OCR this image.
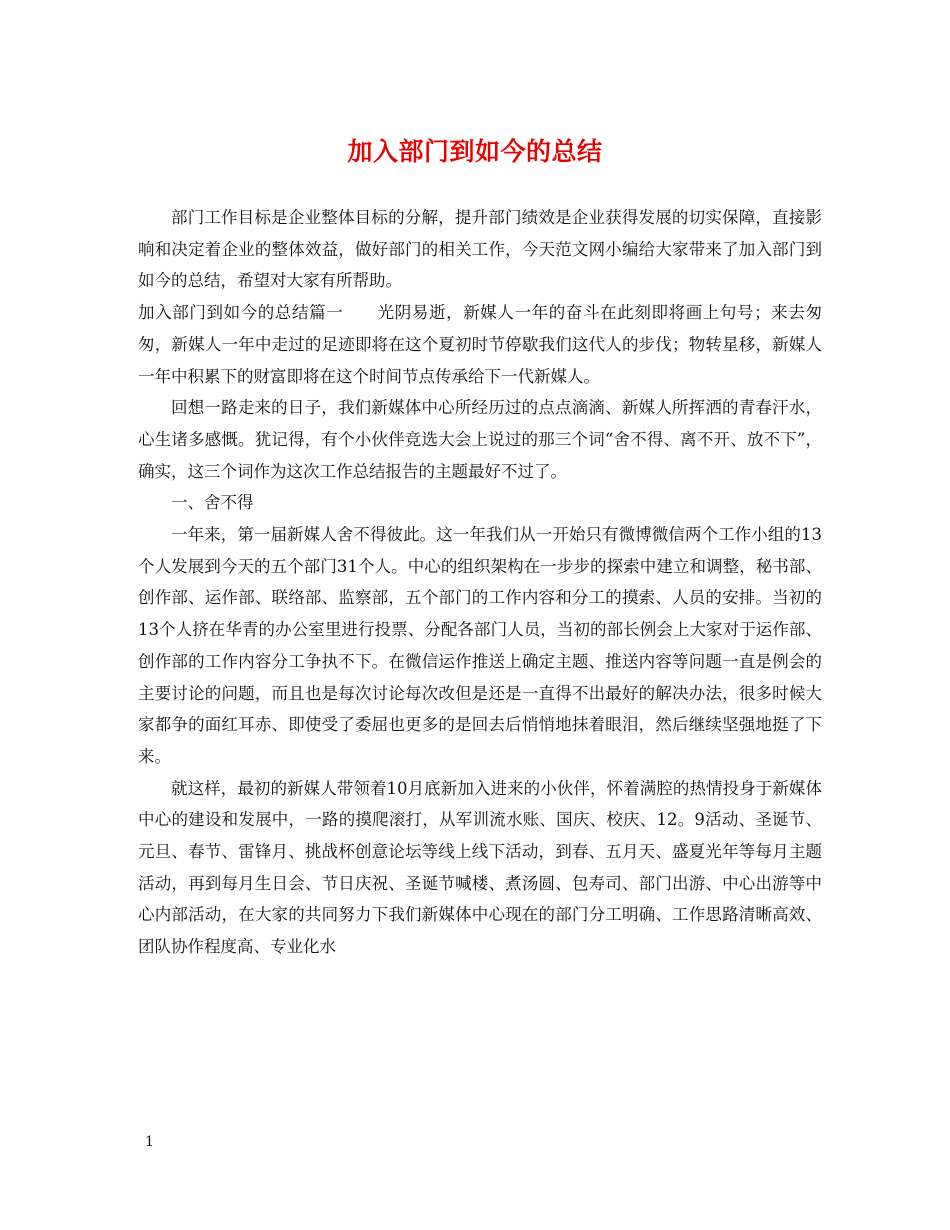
加入部门到如今的总结

部门工作目标是企业整体目标的分解，提升部门绩效是企业获得发展的切实保障，直接影响和决定着企业的整体效益，做好部门的相关工作，今天范文网小编给大家带来了加入部门到如今的总结，希望对大家有所帮助。

加入部门到如今的总结篇一　　光阴易逝，新媒人一年的奋斗在此刻即将画上句号；来去匆匆，新媒人一年中走过的足迹即将在这个夏初时节停歇我们这代人的步伐；物转星移，新媒人一年中积累下的财富即将在这个时间节点传承给下一代新媒人。

回想一路走来的日子，我们新媒体中心所经历过的点点滴滴、新媒人所挥洒的青春汗水，心生诸多感慨。犹记得，有个小伙伴竞选大会上说过的那三个词“舍不得、离不开、放不下”，确实，这三个词作为这次工作总结报告的主题最好不过了。

一、舍不得

一年来，第一届新媒人舍不得彼此。这一年我们从一开始只有微博微信两个工作小组的13个人发展到今天的五个部门31个人。中心的组织架构在一步步的探索中建立和调整，秘书部、创作部、运作部、联络部、监察部，五个部门的工作内容和分工的摸索、人员的安排。当初的13个人挤在华青的办公室里进行投票、分配各部门人员，当初的部长例会上大家对于运作部、创作部的工作内容分工争执不下。在微信运作推送上确定主题、推送内容等问题一直是例会的主要讨论的问题，而且也是每次讨论每次改但是还是一直得不出最好的解决办法，很多时候大家都争的面红耳赤、即使受了委屈也更多的是回去后悄悄地抹着眼泪，然后继续坚强地挺了下来。

就这样，最初的新媒人带领着10月底新加入进来的小伙伴，怀着满腔的热情投身于新媒体中心的建设和发展中，一路的摸爬滚打，从军训流水账、国庆、校庆、12。9活动、圣诞节、元旦、春节、雷锋月、挑战杯创意论坛等线上线下活动，到春、五月天、盛夏光年等每月主题活动，再到每月生日会、节日庆祝、圣诞节喊楼、煮汤圆、包寿司、部门出游、中心出游等中心内部活动，在大家的共同努力下我们新媒体中心现在的部门分工明确、工作思路清晰高效、团队协作程度高、专业化水

1
